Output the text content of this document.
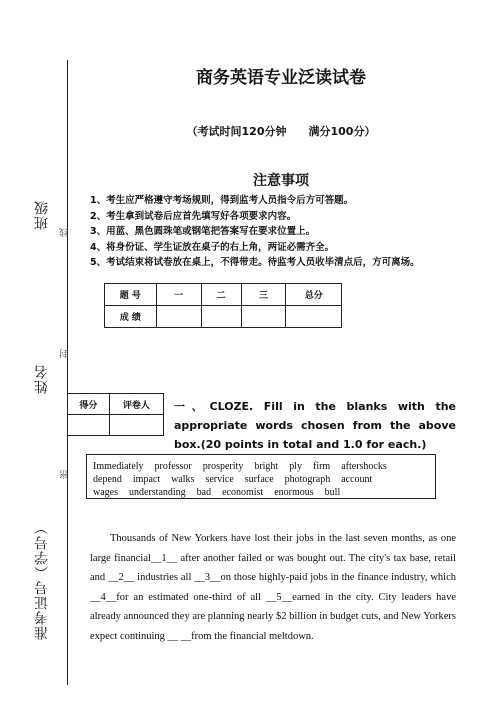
班级
线
姓名
封
密
准考证号（学号）
商务英语专业泛读试卷
（考试时间120分钟　　满分100分）
注意事项
1、考生应严格遵守考场规则，得到监考人员指令后方可答题。
2、考生拿到试卷后应首先填写好各项要求内容。
3、用蓝、黑色圆珠笔或钢笔把答案写在要求位置上。
4、将身份证、学生证放在桌子的右上角，两证必需齐全。
5、考试结束将试卷放在桌上，不得带走。待监考人员收毕清点后，方可离场。
题 号	一	二	三	总分
成 绩				
得分	评卷人
	一、CLOZE. Fill in the blanks with the appropriate words chosen from the above box.(20 points in total and 1.0 for each.)
Immediately professor prosperity bright ply firm aftershocks
depend impact walks service surface photograph account
wages understanding bad economist enormous bull
Thousands of New Yorkers have lost their jobs in the last seven months, as one large financial__1__ after another failed or was bought out. The city's tax base, retail and __2__ industries all __3__on those highly-paid jobs in the finance industry, which __4__for an estimated one-third of all __5__earned in the city. City leaders have already announced they are planning nearly $2 billion in budget cuts, and New Yorkers expect continuing __ __from the financial meltdown.
